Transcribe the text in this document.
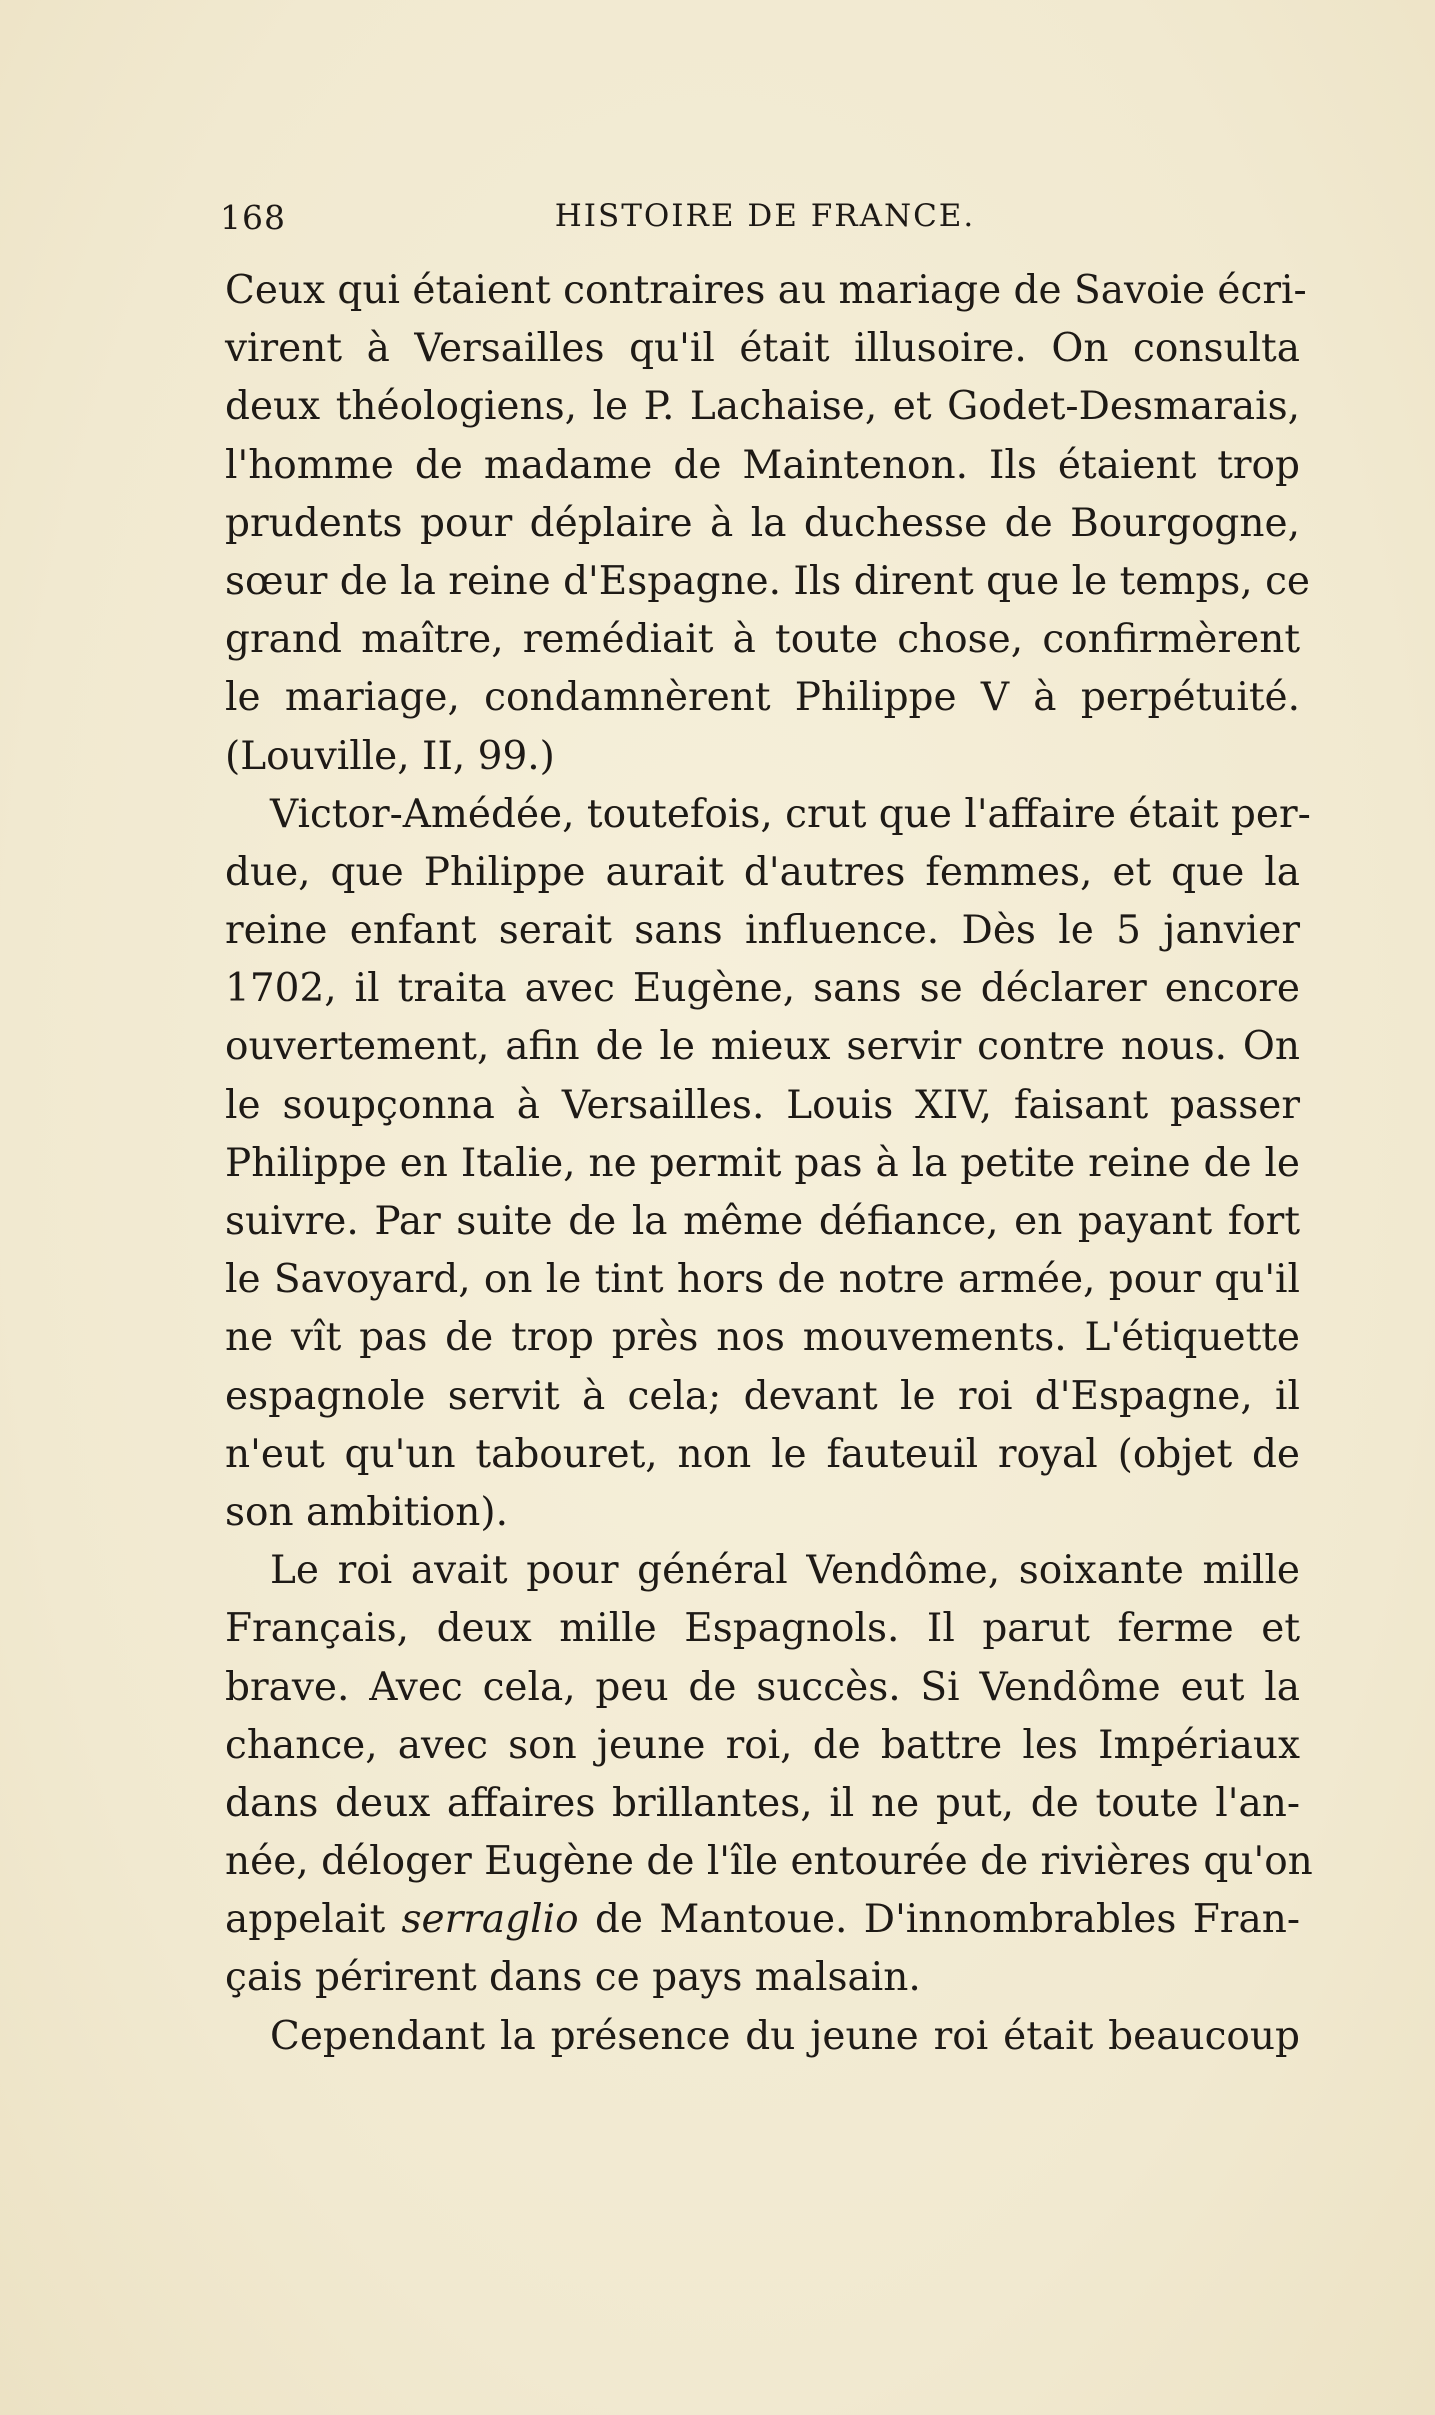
168	HISTOIRE DE FRANCE.
Ceux qui étaient contraires au mariage de Savoie écri-
virent à Versailles qu'il était illusoire. On consulta
deux théologiens, le P. Lachaise, et Godet-Desmarais,
l'homme de madame de Maintenon. Ils étaient trop
prudents pour déplaire à la duchesse de Bourgogne,
sœur de la reine d'Espagne. Ils dirent que le temps, ce
grand maître, remédiait à toute chose, confirmèrent
le mariage, condamnèrent Philippe V à perpétuité.
(Louville, II, 99.)
Victor-Amédée, toutefois, crut que l'affaire était per-
due, que Philippe aurait d'autres femmes, et que la
reine enfant serait sans influence. Dès le 5 janvier
1702, il traita avec Eugène, sans se déclarer encore
ouvertement, afin de le mieux servir contre nous. On
le soupçonna à Versailles. Louis XIV, faisant passer
Philippe en Italie, ne permit pas à la petite reine de le
suivre. Par suite de la même défiance, en payant fort
le Savoyard, on le tint hors de notre armée, pour qu'il
ne vît pas de trop près nos mouvements. L'étiquette
espagnole servit à cela; devant le roi d'Espagne, il
n'eut qu'un tabouret, non le fauteuil royal (objet de
son ambition).
Le roi avait pour général Vendôme, soixante mille
Français, deux mille Espagnols. Il parut ferme et
brave. Avec cela, peu de succès. Si Vendôme eut la
chance, avec son jeune roi, de battre les Impériaux
dans deux affaires brillantes, il ne put, de toute l'an-
née, déloger Eugène de l'île entourée de rivières qu'on
appelait serraglio de Mantoue. D'innombrables Fran-
çais périrent dans ce pays malsain.
Cependant la présence du jeune roi était beaucoup
